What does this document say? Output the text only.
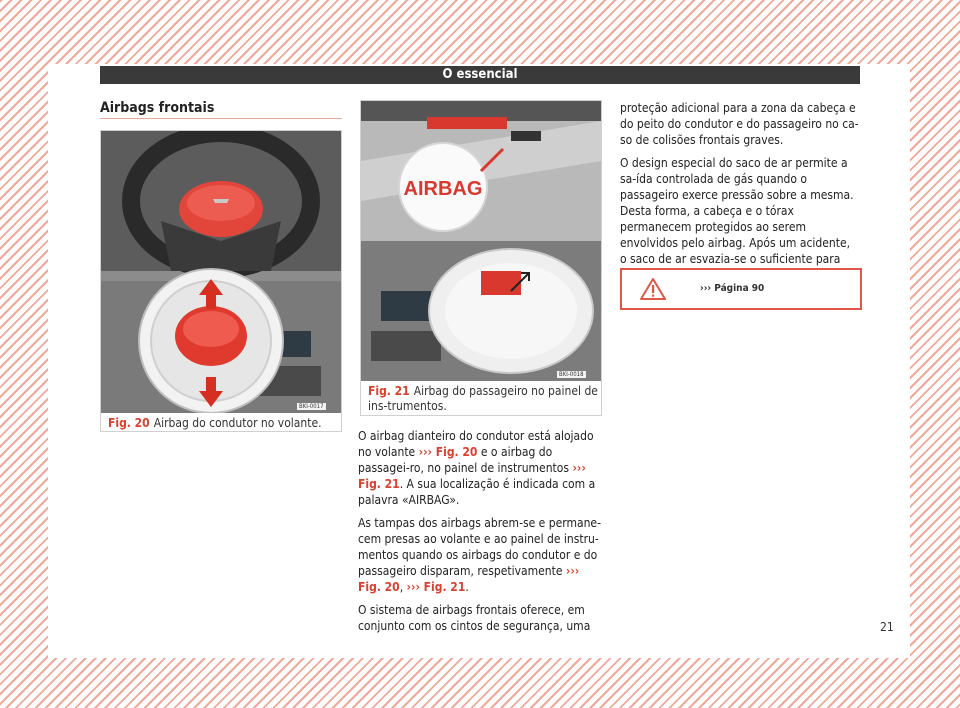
O essencial
Airbags frontais
BKI-0017
Fig. 20 Airbag do condutor no volante.
AIRBAG
BKI-0018
Fig. 21 Airbag do passageiro no painel de ins-trumentos.

O airbag dianteiro do condutor está alojado no volante ››› Fig. 20 e o airbag do passagei-ro, no painel de instrumentos ››› Fig. 21. A sua localização é indicada com a palavra «AIRBAG».

As tampas dos airbags abrem-se e permane-cem presas ao volante e ao painel de instru-mentos quando os airbags do condutor e do passageiro disparam, respetivamente ››› Fig. 20, ››› Fig. 21.

O sistema de airbags frontais oferece, em conjunto com os cintos de segurança, uma

proteção adicional para a zona da cabeça e do peito do condutor e do passageiro no ca-so de colisões frontais graves.

O design especial do saco de ar permite a sa-ída controlada de gás quando o passageiro exerce pressão sobre a mesma. Desta forma, a cabeça e o tórax permanecem protegidos ao serem envolvidos pelo airbag. Após um acidente, o saco de ar esvazia-se o suficiente para

››› Página 90
21
